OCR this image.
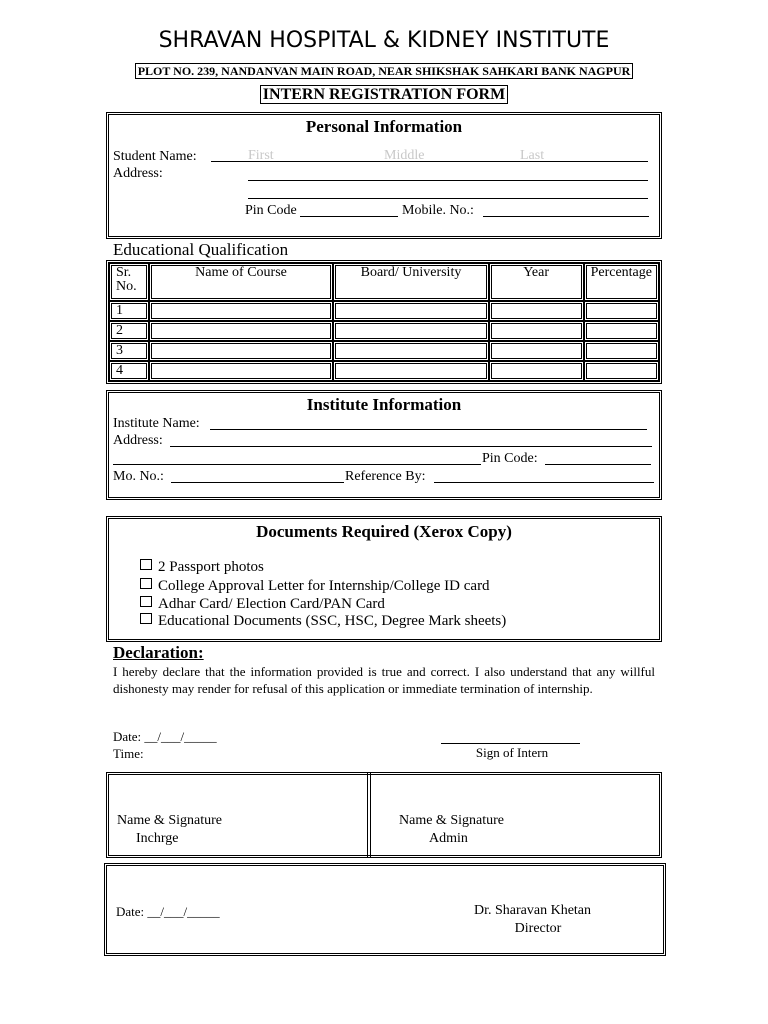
SHRAVAN HOSPITAL & KIDNEY INSTITUTE
PLOT NO. 239, NANDANVAN MAIN ROAD, NEAR SHIKSHAK SAHKARI BANK NAGPUR
INTERN REGISTRATION FORM
Personal Information
Student Name:	First	Middle	Last
Address:
Pin Code	Mobile. No.:
Educational Qualification
Sr.
No.	Name of Course	Board/ University	Year	Percentage
1				
2				
3				
4				
Institute Information
Institute Name:
Address:
Pin Code:
Mo. No.:	Reference By:
Documents Required (Xerox Copy)
2 Passport photos
College Approval Letter for Internship/College ID card
Adhar Card/ Election Card/PAN Card
Educational Documents (SSC, HSC, Degree Mark sheets)
Declaration:
I hereby declare that the information provided is true and correct. I also understand that any willful dishonesty may render for refusal of this application or immediate termination of internship.
Date: __/___/_____
Time:	Sign of Intern
Name & Signature
Inchrge
Name & Signature
Admin
Date: __/___/_____	Dr. Sharavan Khetan
Director
